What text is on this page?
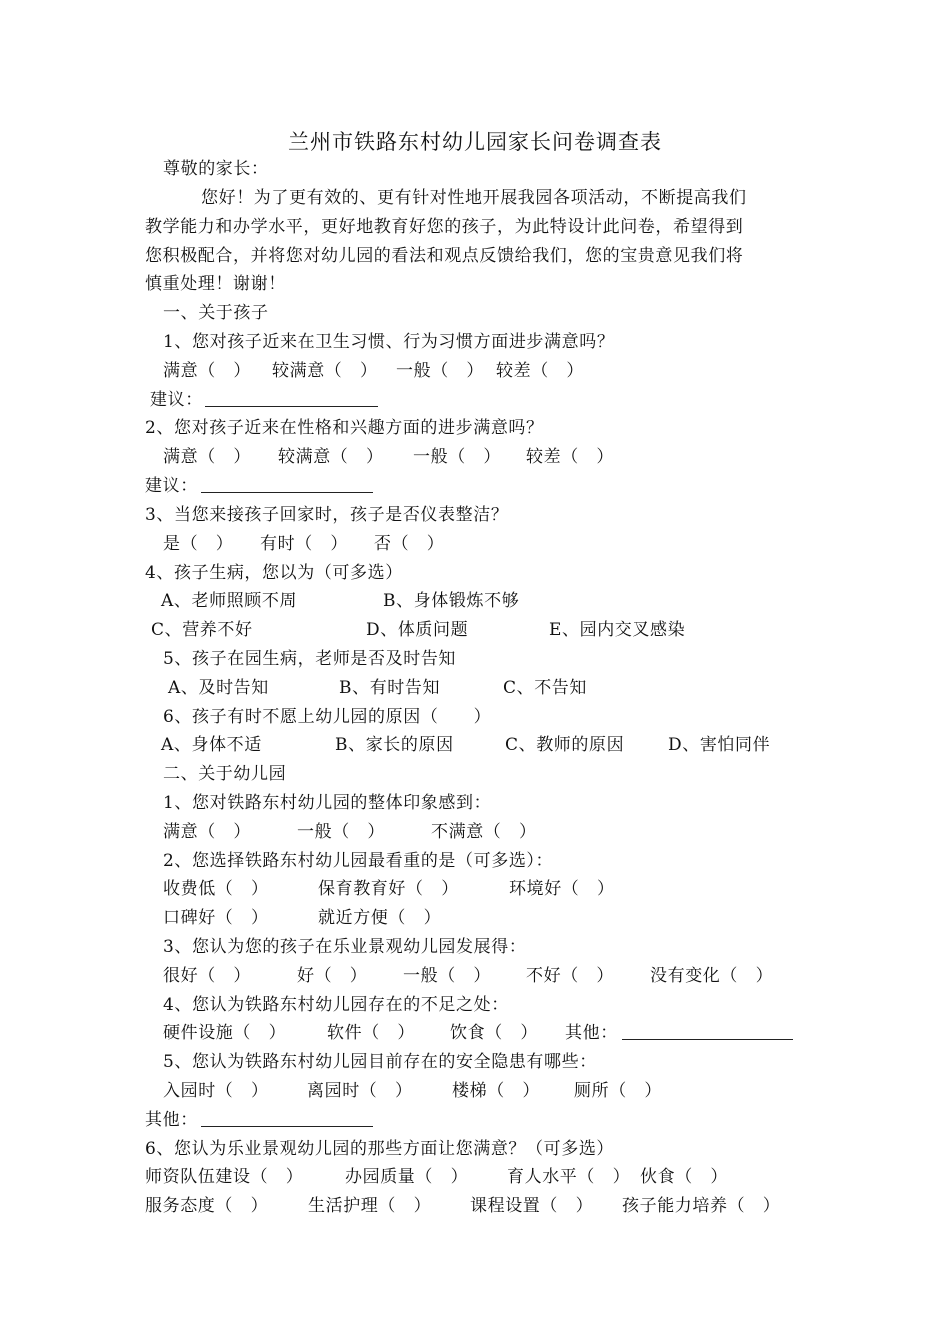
兰州市铁路东村幼儿园家长问卷调查表
尊敬的家长：
您好！为了更有效的、更有针对性地开展我园各项活动，不断提高我们
教学能力和办学水平，更好地教育好您的孩子，为此特设计此问卷，希望得到
您积极配合，并将您对幼儿园的看法和观点反馈给我们，您的宝贵意见我们将
慎重处理！谢谢！
一、关于孩子
1、您对孩子近来在卫生习惯、行为习惯方面进步满意吗？
满意（　） 较满意（　） 一般（　） 较差（　）
建议：
2、您对孩子近来在性格和兴趣方面的进步满意吗？
满意（　） 较满意（　） 一般（　） 较差（　）
建议：
3、当您来接孩子回家时，孩子是否仪表整洁？
是（　） 有时（　） 否（　）
4、孩子生病，您以为（可多选）
A、老师照顾不周	B、身体锻炼不够
C、营养不好	D、体质问题	E、园内交叉感染
5、孩子在园生病，老师是否及时告知
A、及时告知	B、有时告知	C、不告知
6、孩子有时不愿上幼儿园的原因（　　）
A、身体不适	B、家长的原因	C、教师的原因	D、害怕同伴
二、关于幼儿园
1、您对铁路东村幼儿园的整体印象感到：
满意（　）	一般（　）	不满意（　）
2、您选择铁路东村幼儿园最看重的是（可多选）：
收费低（　）	保育教育好（　）	环境好（　）
口碑好（　）	就近方便（　）
3、您认为您的孩子在乐业景观幼儿园发展得：
很好（　）	好（　） 一般（　） 不好（　） 没有变化（　）
4、您认为铁路东村幼儿园存在的不足之处：
硬件设施（　） 软件（　） 饮食（　） 其他：
5、您认为铁路东村幼儿园目前存在的安全隐患有哪些：
入园时（　） 离园时（　） 楼梯（　） 厕所（　）
其他：
6、您认为乐业景观幼儿园的那些方面让您满意？（可多选）
师资队伍建设（　） 办园质量（　） 育人水平（　） 伙食（　）
服务态度（　） 生活护理（　） 课程设置（　） 孩子能力培养（　）
